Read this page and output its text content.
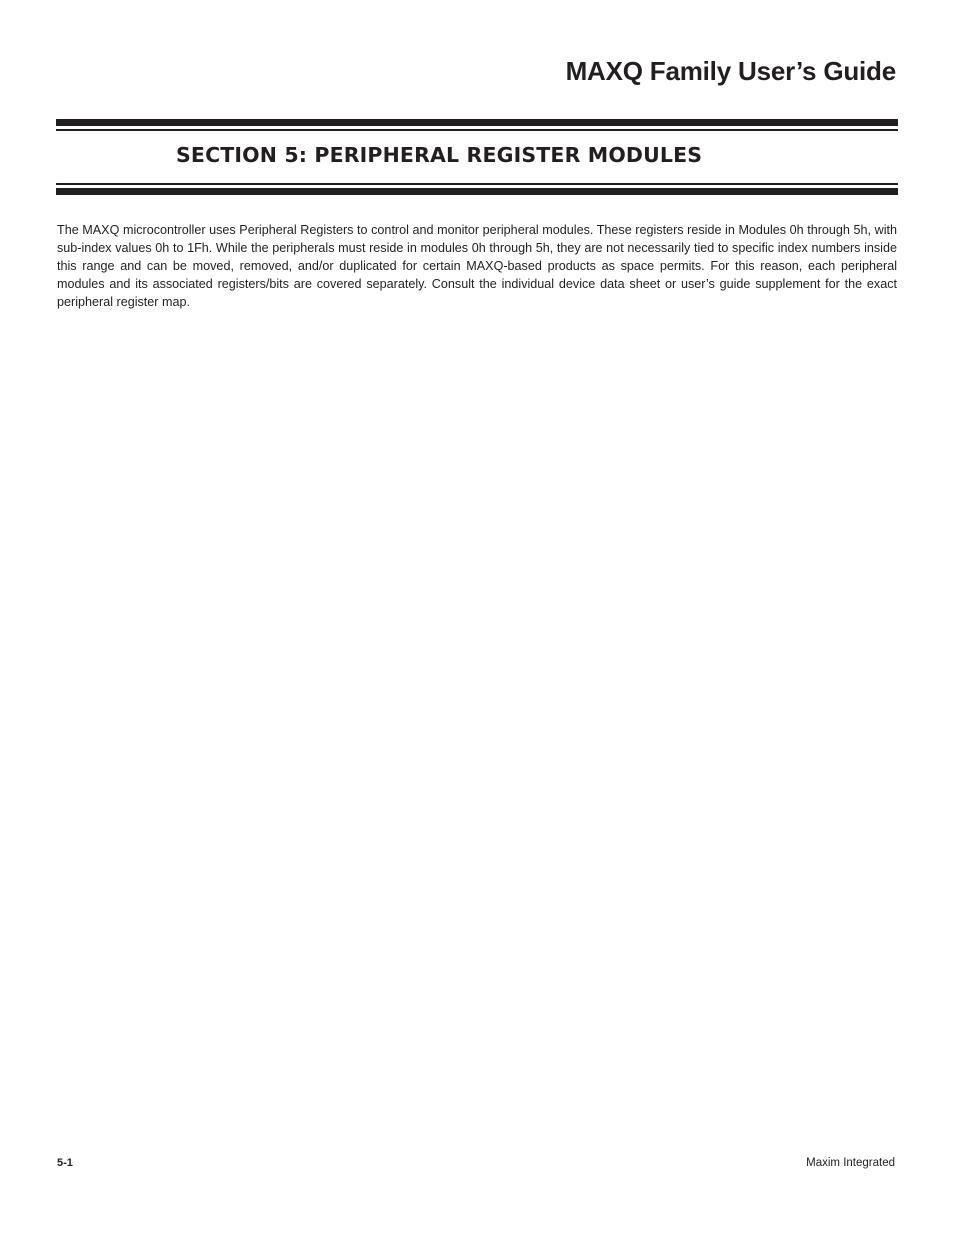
MAXQ Family User’s Guide
SECTION 5: PERIPHERAL REGISTER MODULES

The MAXQ microcontroller uses Peripheral Registers to control and monitor peripheral modules. These registers reside in Modules 0h through 5h, with sub-index values 0h to 1Fh. While the peripherals must reside in modules 0h through 5h, they are not necessarily tied to specific index numbers inside this range and can be moved, removed, and/or duplicated for certain MAXQ-based products as space permits. For this reason, each peripheral modules and its associated registers/bits are covered separately. Consult the individual device data sheet or user’s guide supplement for the exact peripheral register map.

5-1	Maxim Integrated
